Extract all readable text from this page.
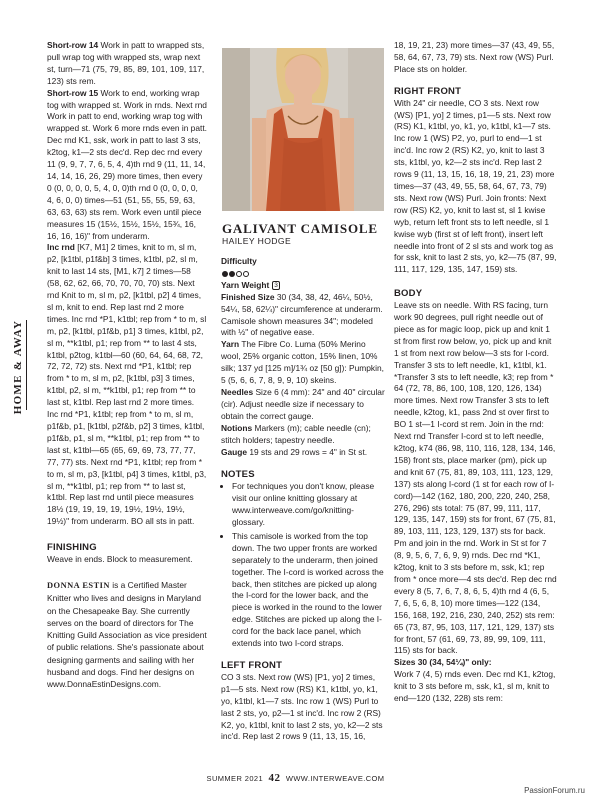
HOME & AWAY

Short-row 14 Work in patt to wrapped sts, pull wrap tog with wrapped sts, wrap next st, turn—71 (75, 79, 85, 89, 101, 109, 117, 123) sts rem.

Short-row 15 Work to end, working wrap tog with wrapped st. Work in rnds. Next rnd Work in patt to end, working wrap tog with wrapped st. Work 6 more rnds even in patt. Dec rnd K1, ssk, work in patt to last 3 sts, k2tog, k1—2 sts dec'd. Rep dec rnd every 11 (9, 9, 7, 7, 6, 5, 4, 4)th rnd 9 (11, 11, 14, 14, 14, 16, 26, 29) more times, then every 0 (0, 0, 0, 0, 5, 4, 0, 0)th rnd 0 (0, 0, 0, 0, 4, 6, 0, 0) times—51 (51, 55, 55, 59, 63, 63, 63, 63) sts rem. Work even until piece measures 15 (15½, 15½, 15½, 15¾, 16, 16, 16, 16)" from underarm.

Inc rnd [K7, M1] 2 times, knit to m, sl m, p2, [k1tbl, p1f&b] 3 times, k1tbl, p2, sl m, knit to last 14 sts, [M1, k7] 2 times—58 (58, 62, 62, 66, 70, 70, 70, 70) sts. Next rnd Knit to m, sl m, p2, [k1tbl, p2] 4 times, sl m, knit to end. Rep last rnd 2 more times. Inc rnd *P1, k1tbl; rep from * to m, sl m, p2, [k1tbl, p1f&b, p1] 3 times, k1tbl, p2, sl m, **k1tbl, p1; rep from ** to last 4 sts, k1tbl, p2tog, k1tbl—60 (60, 64, 64, 68, 72, 72, 72, 72) sts. Next rnd *P1, k1tbl; rep from * to m, sl m, p2, [k1tbl, p3] 3 times, k1tbl, p2, sl m, **k1tbl, p1; rep from ** to last st, k1tbl. Rep last rnd 2 more times. Inc rnd *P1, k1tbl; rep from * to m, sl m, p1f&b, p1, [k1tbl, p2f&b, p2] 3 times, k1tbl, p1f&b, p1, sl m, **k1tbl, p1; rep from ** to last st, k1tbl—65 (65, 69, 69, 73, 77, 77, 77, 77) sts. Next rnd *P1, k1tbl; rep from * to m, sl m, p3, [k1tbl, p4] 3 times, k1tbl, p3, sl m, **k1tbl, p1; rep from ** to last st, k1tbl. Rep last rnd until piece measures 18½ (19, 19, 19, 19, 19½, 19½, 19½, 19½)" from underarm. BO all sts in patt.

FINISHING

Weave in ends. Block to measurement.

DONNA ESTIN is a Certified Master Knitter who lives and designs in Maryland on the Chesapeake Bay. She currently serves on the board of directors for The Knitting Guild Association as vice president of public relations. She's passionate about designing garments and sailing with her husband and dogs. Find her designs on www.DonnaEstinDesigns.com.

GALIVANT CAMISOLE

HAILEY HODGE

Difficulty

Yarn Weight 3

Finished Size 30 (34, 38, 42, 46¼, 50½, 54¼, 58, 62¼)" circumference at underarm. Camisole shown measures 34"; modeled with ½" of negative ease.

Yarn The Fibre Co. Luma (50% Merino wool, 25% organic cotton, 15% linen, 10% silk; 137 yd [125 m]/1¾ oz [50 g]): Pumpkin, 5 (5, 6, 6, 7, 8, 9, 9, 10) skeins.

Needles Size 6 (4 mm): 24" and 40" circular (cir). Adjust needle size if necessary to obtain the correct gauge.

Notions Markers (m); cable needle (cn); stitch holders; tapestry needle.

Gauge 19 sts and 29 rows = 4" in St st.

NOTES

• For techniques you don't know, please visit our online knitting glossary at www.interweave.com/go/knitting-glossary.
• This camisole is worked from the top down. The two upper fronts are worked separately to the underarm, then joined together. The I-cord is worked across the back, then stitches are picked up along the I-cord for the lower back, and the piece is worked in the round to the lower edge. Stitches are picked up along the I-cord for the back lace panel, which extends into two I-cord straps.

LEFT FRONT

CO 3 sts. Next row (WS) [P1, yo] 2 times, p1—5 sts. Next row (RS) K1, k1tbl, yo, k1, yo, k1tbl, k1—7 sts. Inc row 1 (WS) Purl to last 2 sts, yo, p2—1 st inc'd. Inc row 2 (RS) K2, yo, k1tbl, knit to last 2 sts, yo, k2—2 sts inc'd. Rep last 2 rows 9 (11, 13, 15, 16,

18, 19, 21, 23) more times—37 (43, 49, 55, 58, 64, 67, 73, 79) sts. Next row (WS) Purl. Place sts on holder.

RIGHT FRONT

With 24" cir needle, CO 3 sts. Next row (WS) [P1, yo] 2 times, p1—5 sts. Next row (RS) K1, k1tbl, yo, k1, yo, k1tbl, k1—7 sts. Inc row 1 (WS) P2, yo, purl to end—1 st inc'd. Inc row 2 (RS) K2, yo, knit to last 3 sts, k1tbl, yo, k2—2 sts inc'd. Rep last 2 rows 9 (11, 13, 15, 16, 18, 19, 21, 23) more times—37 (43, 49, 55, 58, 64, 67, 73, 79) sts. Next row (WS) Purl. Join fronts: Next row (RS) K2, yo, knit to last st, sl 1 kwise wyb, return left front sts to left needle, sl 1 kwise wyb (first st of left front), insert left needle into front of 2 sl sts and work tog as for ssk, knit to last 2 sts, yo, k2—75 (87, 99, 111, 117, 129, 135, 147, 159) sts.

BODY

Leave sts on needle. With RS facing, turn work 90 degrees, pull right needle out of piece as for magic loop, pick up and knit 1 st from first row below, yo, pick up and knit 1 st from next row below—3 sts for I-cord. Transfer 3 sts to left needle, k1, k1tbl, k1. *Transfer 3 sts to left needle, k3; rep from * 64 (72, 78, 86, 100, 108, 120, 126, 134) more times. Next row Transfer 3 sts to left needle, k2tog, k1, pass 2nd st over first to BO 1 st—1 I-cord st rem. Join in the rnd: Next rnd Transfer I-cord st to left needle, k2tog, k74 (86, 98, 110, 116, 128, 134, 146, 158) front sts, place marker (pm), pick up and knit 67 (75, 81, 89, 103, 111, 123, 129, 137) sts along I-cord (1 st for each row of I-cord)—142 (162, 180, 200, 220, 240, 258, 276, 296) sts total: 75 (87, 99, 111, 117, 129, 135, 147, 159) sts for front, 67 (75, 81, 89, 103, 111, 123, 129, 137) sts for back. Pm and join in the rnd. Work in St st for 7 (8, 9, 5, 6, 7, 6, 9, 9) rnds. Dec rnd *K1, k2tog, knit to 3 sts before m, ssk, k1; rep from * once more—4 sts dec'd. Rep dec rnd every 8 (5, 7, 6, 7, 8, 6, 5, 4)th rnd 4 (6, 5, 7, 6, 5, 6, 8, 10) more times—122 (134, 156, 168, 192, 216, 230, 240, 252) sts rem: 65 (73, 87, 95, 103, 117, 121, 129, 137) sts for front, 57 (61, 69, 73, 89, 99, 109, 111, 115) sts for back.

Sizes 30 (34, 54¼)" only:

Work 7 (4, 5) rnds even. Dec rnd K1, k2tog, knit to 3 sts before m, ssk, k1, sl m, knit to end—120 (132, 228) sts rem:

SUMMER 2021 42 WWW.INTERWEAVE.COM
PassionForum.ru
